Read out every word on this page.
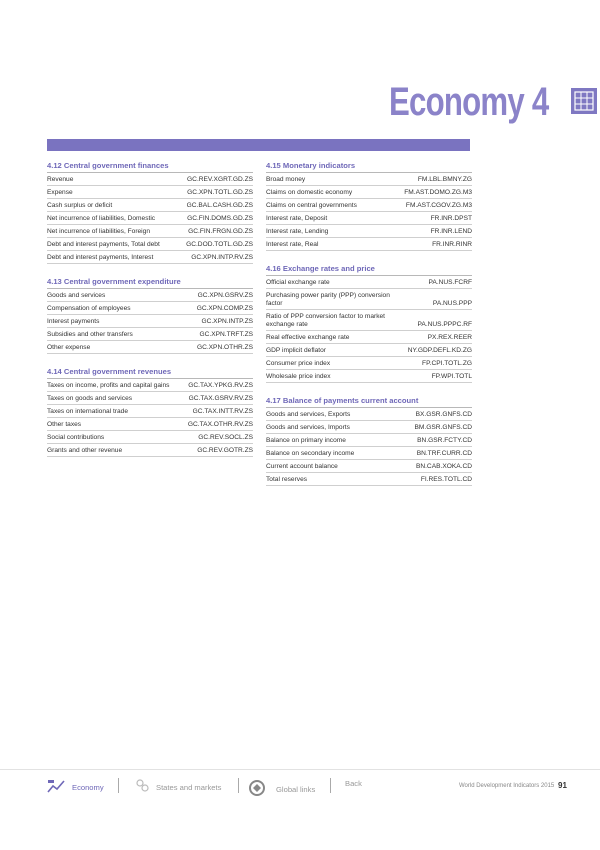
Economy 4
4.12 Central government finances
Revenue	GC.REV.XGRT.GD.ZS
Expense	GC.XPN.TOTL.GD.ZS
Cash surplus or deficit	GC.BAL.CASH.GD.ZS
Net incurrence of liabilities, Domestic	GC.FIN.DOMS.GD.ZS
Net incurrence of liabilities, Foreign	GC.FIN.FRGN.GD.ZS
Debt and interest payments, Total debt	GC.DOD.TOTL.GD.ZS
Debt and interest payments, Interest	GC.XPN.INTP.RV.ZS
4.13 Central government expenditure
Goods and services	GC.XPN.GSRV.ZS
Compensation of employees	GC.XPN.COMP.ZS
Interest payments	GC.XPN.INTP.ZS
Subsidies and other transfers	GC.XPN.TRFT.ZS
Other expense	GC.XPN.OTHR.ZS
4.14 Central government revenues
Taxes on income, profits and capital gains	GC.TAX.YPKG.RV.ZS
Taxes on goods and services	GC.TAX.GSRV.RV.ZS
Taxes on international trade	GC.TAX.INTT.RV.ZS
Other taxes	GC.TAX.OTHR.RV.ZS
Social contributions	GC.REV.SOCL.ZS
Grants and other revenue	GC.REV.GOTR.ZS
4.15 Monetary indicators
Broad money	FM.LBL.BMNY.ZG
Claims on domestic economy	FM.AST.DOMO.ZG.M3
Claims on central governments	FM.AST.CGOV.ZG.M3
Interest rate, Deposit	FR.INR.DPST
Interest rate, Lending	FR.INR.LEND
Interest rate, Real	FR.INR.RINR
4.16 Exchange rates and price
Official exchange rate	PA.NUS.FCRF
Purchasing power parity (PPP) conversion factor	PA.NUS.PPP
Ratio of PPP conversion factor to market exchange rate	PA.NUS.PPPC.RF
Real effective exchange rate	PX.REX.REER
GDP implicit deflator	NY.GDP.DEFL.KD.ZG
Consumer price index	FP.CPI.TOTL.ZG
Wholesale price index	FP.WPI.TOTL
4.17 Balance of payments current account
Goods and services, Exports	BX.GSR.GNFS.CD
Goods and services, Imports	BM.GSR.GNFS.CD
Balance on primary income	BN.GSR.FCTY.CD
Balance on secondary income	BN.TRF.CURR.CD
Current account balance	BN.CAB.XOKA.CD
Total reserves	FI.RES.TOTL.CD
Economy	States and markets	Global links
Back	World Development Indicators 2015 91
